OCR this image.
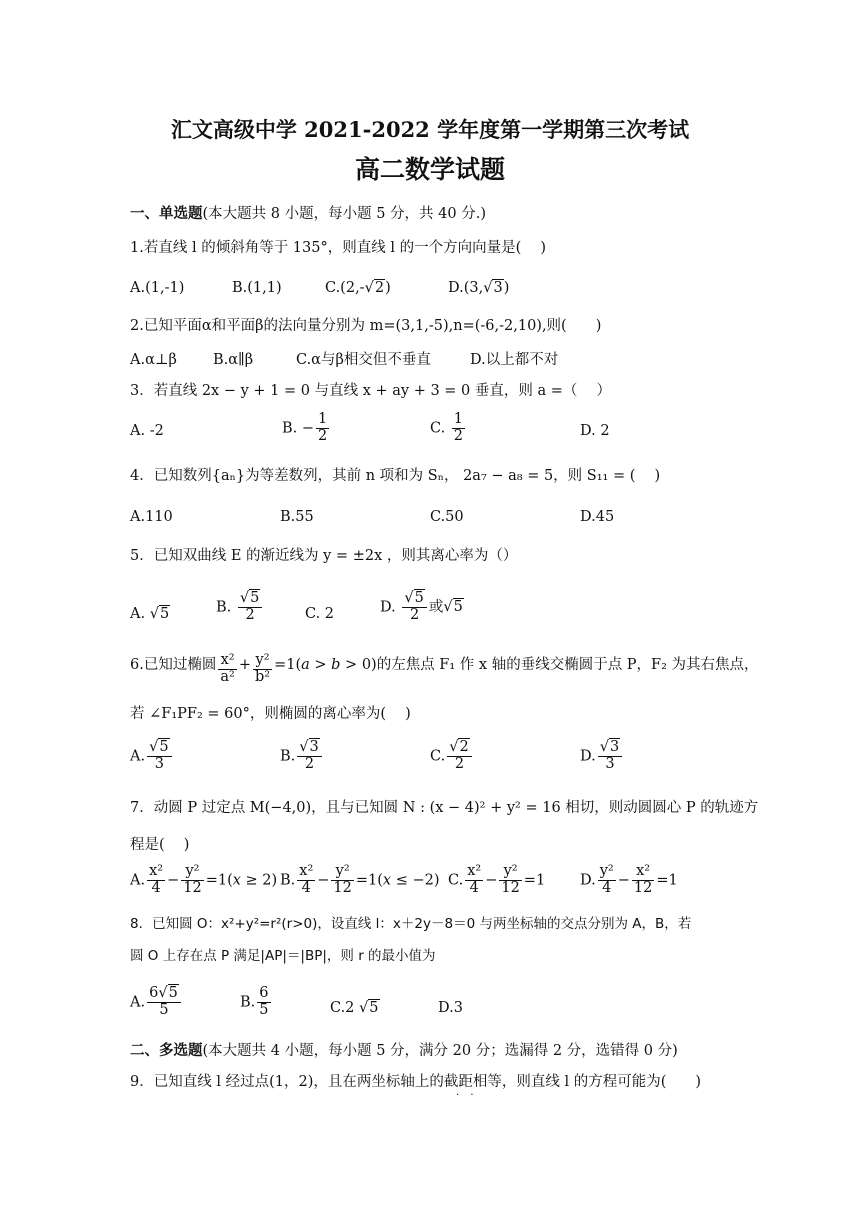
汇文高级中学 2021-2022 学年度第一学期第三次考试
高二数学试题
一、单选题(本大题共 8 小题，每小题 5 分，共 40 分.)
1.若直线 l 的倾斜角等于 135°，则直线 l 的一个方向向量是(　 )
A.(1,-1)	B.(1,1)	C.(2,-√2)	D.(3,√3)
2.已知平面α和平面β的法向量分别为 m=(3,1,-5),n=(-6,-2,10),则(　　)
A.α⊥β B.α∥β	C.α与β相交但不垂直	D.以上都不对
3．若直线 2x − y + 1 = 0 与直线 x + ay + 3 = 0 垂直，则 a =（　 ）
A. -2	B. − $\frac{1}{2}$	C. $\frac{1}{2}$	D. 2
4．已知数列{aₙ}为等差数列，其前 n 项和为 Sₙ， 2a₇ − a₈ = 5，则 S₁₁ = (　 )
A.110	B.55	C.50	D.45
5．已知双曲线 E 的渐近线为 y = ±2x ，则其离心率为（）
A. √5	B. $\frac{√5}{2}$	C. 2	D. $\frac{√5}{2}$ 或√5
6.已知过椭圆 $\frac{\text{x²}}{\text{a²}} + \frac{\text{y²}}{\text{b²}} =1(a > b > 0)$的左焦点 F₁ 作 x 轴的垂线交椭圆于点 P，F₂ 为其右焦点，
若 ∠F₁PF₂ = 60°，则椭圆的离心率为(　 )
A. $\frac{√5}{3}$	B. $\frac{√3}{2}$	C. $\frac{√2}{2}$	D. $\frac{√3}{3}$
7．动圆 P 过定点 M(−4,0)，且与已知圆 N : (x − 4)² + y² = 16 相切，则动圆圆心 P 的轨迹方
程是(　 )
A. $\frac{\text{x²}}{4} - \frac{\text{y²}}{12} =1(x \ge 2)$ B. $\frac{\text{x²}}{4} - \frac{\text{y²}}{12} =1(x \le -2)$ C. $\frac{\text{x²}}{4} - \frac{\text{y²}}{12} =1$ D. $\frac{\text{y²}}{4} - \frac{\text{x²}}{12} =1$
8．已知圆 O：x²+y²=r²(r>0)，设直线 l：x＋2y－8＝0 与两坐标轴的交点分别为 A，B，若
圆 O 上存在点 P 满足|AP|＝|BP|，则 r 的最小值为
A. $\frac{6√5}{5}$	B. $\frac{6}{5}$	C.2 √5	D.3
二、多选题(本大题共 4 小题，每小题 5 分，满分 20 分；选漏得 2 分，选错得 0 分)
9．已知直线 l 经过点(1，2)，且在两坐标轴上的截距相等，则直线 l 的方程可能为(　　)
· ·
